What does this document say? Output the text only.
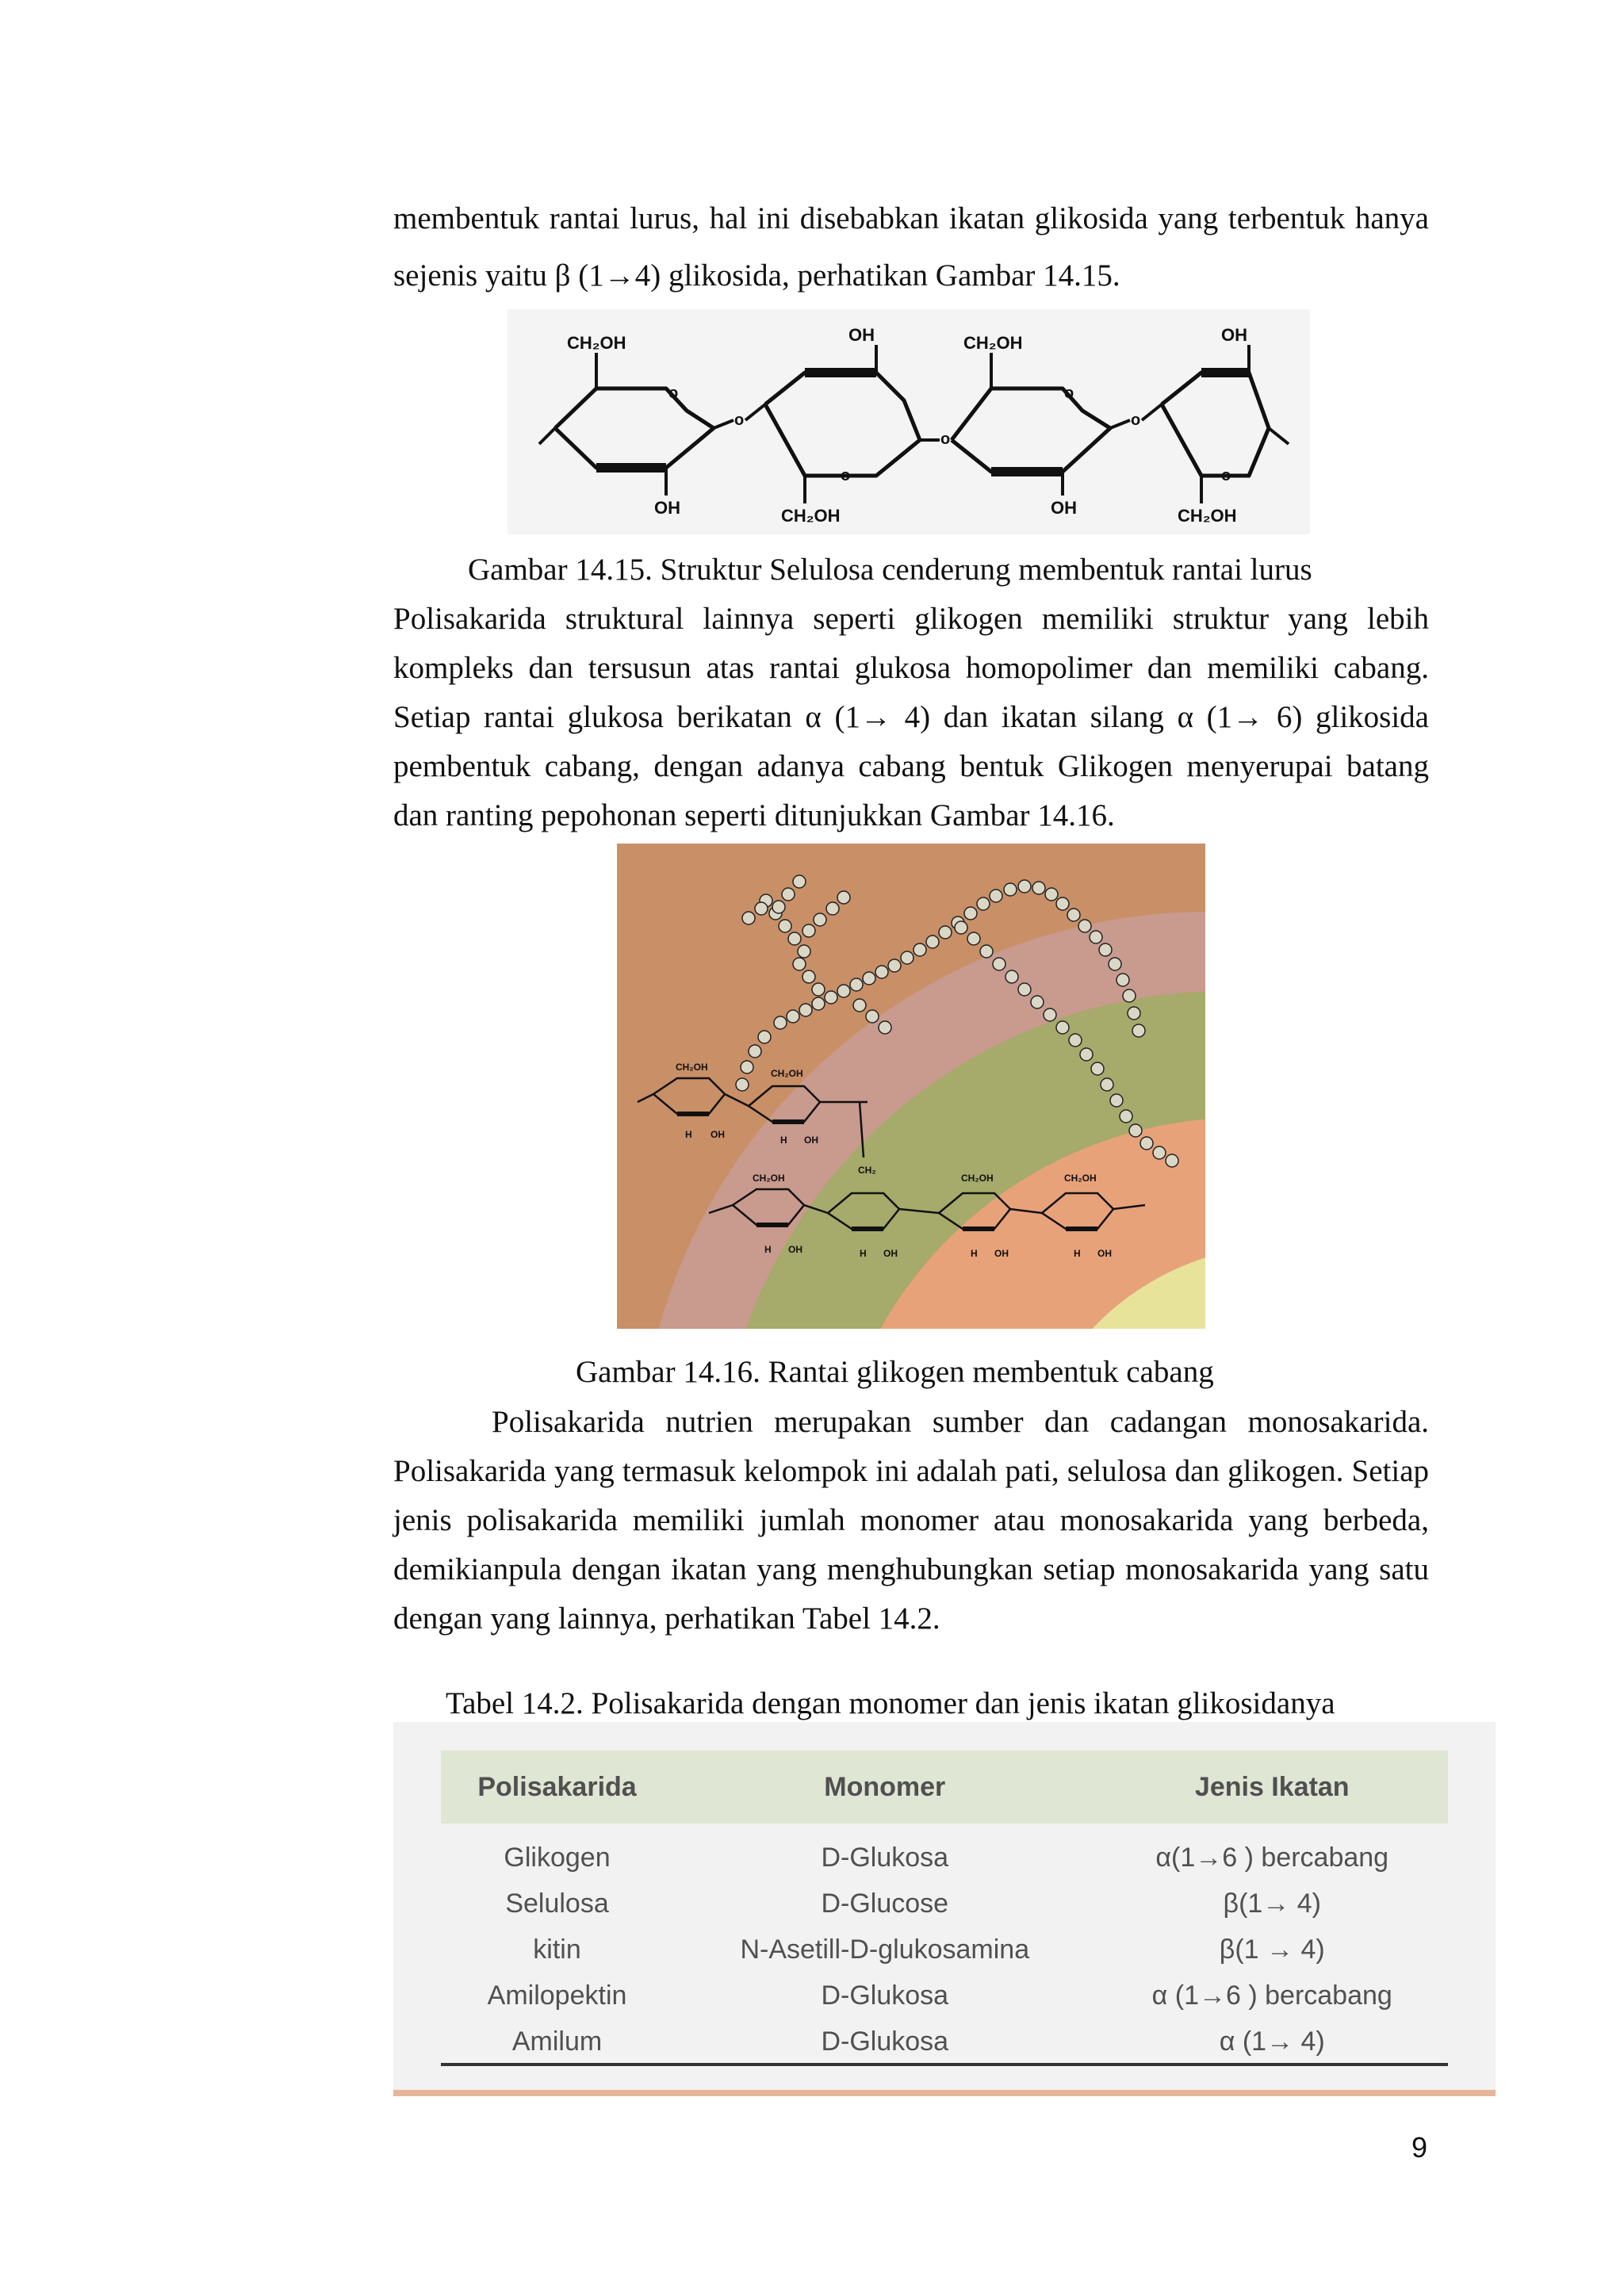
membentuk rantai lurus, hal ini disebabkan ikatan glikosida yang terbentuk hanya sejenis yaitu β (1→4) glikosida, perhatikan Gambar 14.15.

CH₂OH	OH	CH₂OH	OH
OH	CH₂OH	OH	CH₂OH
o
o
o
o
o
o
o

Gambar 14.15. Struktur Selulosa cenderung membentuk rantai lurus

Polisakarida struktural lainnya seperti glikogen memiliki struktur yang lebih kompleks dan tersusun atas rantai glukosa homopolimer dan memiliki cabang. Setiap rantai glukosa berikatan α (1→ 4) dan ikatan silang α (1→ 6) glikosida pembentuk cabang, dengan adanya cabang bentuk Glikogen menyerupai batang dan ranting pepohonan seperti ditunjukkan Gambar 14.16.

CH₂OH
CH₂OH
CH₂OH
CH₂
CH₂OH	CH₂OH
H OH	H OH
H OH	H OH	H OH	H OH

Gambar 14.16. Rantai glikogen membentuk cabang

Polisakarida nutrien merupakan sumber dan cadangan monosakarida. Polisakarida yang termasuk kelompok ini adalah pati, selulosa dan glikogen. Setiap jenis polisakarida memiliki jumlah monomer atau monosakarida yang berbeda, demikianpula dengan ikatan yang menghubungkan setiap monosakarida yang satu dengan yang lainnya, perhatikan Tabel 14.2.

Tabel 14.2. Polisakarida dengan monomer dan jenis ikatan glikosidanya

Polisakarida	Monomer	Jenis Ikatan
Glikogen	D-Glukosa	α(1→6 ) bercabang
Selulosa	D-Glucose	β(1→ 4)
kitin	N-Asetill-D-glukosamina	β(1 → 4)
Amilopektin	D-Glukosa	α (1→6 ) bercabang
Amilum	D-Glukosa	α (1→ 4)
9
